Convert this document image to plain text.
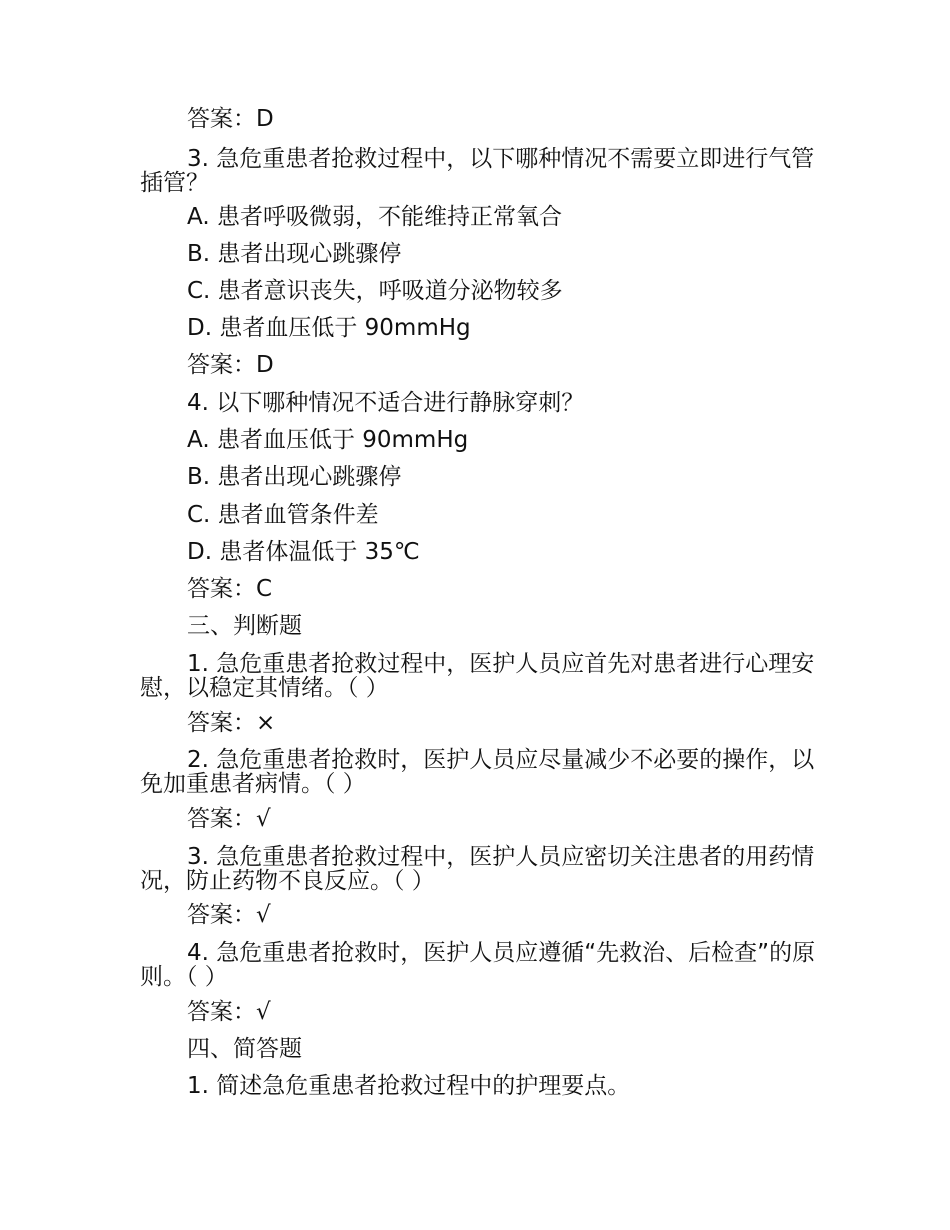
答案：D
3. 急危重患者抢救过程中，以下哪种情况不需要立即进行气管插管？
A. 患者呼吸微弱，不能维持正常氧合
B. 患者出现心跳骤停
C. 患者意识丧失，呼吸道分泌物较多
D. 患者血压低于 90mmHg
答案：D
4. 以下哪种情况不适合进行静脉穿刺？
A. 患者血压低于 90mmHg
B. 患者出现心跳骤停
C. 患者血管条件差
D. 患者体温低于 35℃
答案：C
三、判断题
1. 急危重患者抢救过程中，医护人员应首先对患者进行心理安慰，以稳定其情绪。（ ）
答案：×
2. 急危重患者抢救时，医护人员应尽量减少不必要的操作，以免加重患者病情。（ ）
答案：√
3. 急危重患者抢救过程中，医护人员应密切关注患者的用药情况，防止药物不良反应。（ ）
答案：√
4. 急危重患者抢救时，医护人员应遵循“先救治、后检查”的原则。（ ）
答案：√
四、简答题
1. 简述急危重患者抢救过程中的护理要点。
